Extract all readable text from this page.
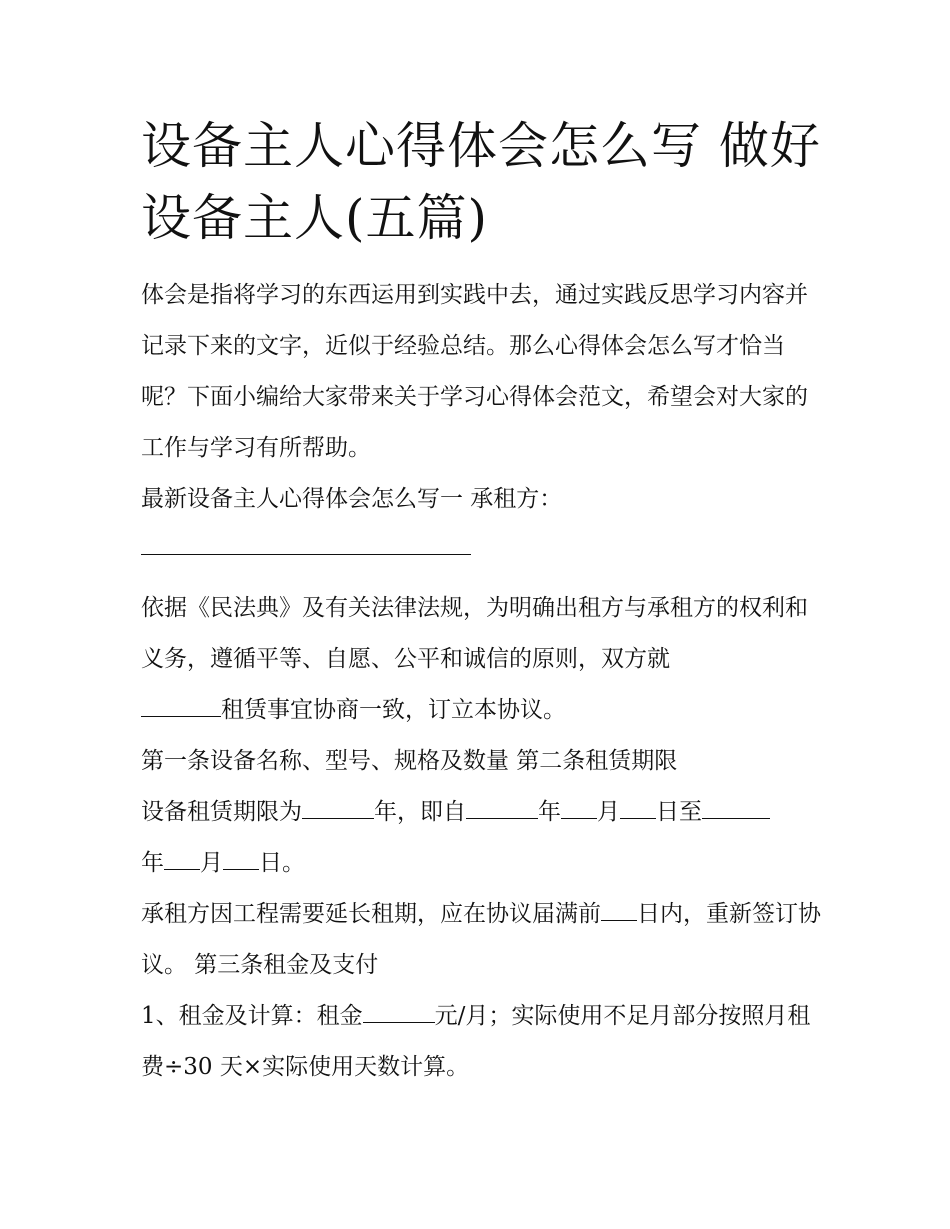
设备主人心得体会怎么写 做好
设备主人(五篇)

体会是指将学习的东西运用到实践中去，通过实践反思学习内容并记录下来的文字，近似于经验总结。那么心得体会怎么写才恰当呢？下面小编给大家带来关于学习心得体会范文，希望会对大家的工作与学习有所帮助。

最新设备主人心得体会怎么写一 承租方：

依据《民法典》及有关法律法规，为明确出租方与承租方的权利和义务，遵循平等、自愿、公平和诚信的原则，双方就
租赁事宜协商一致，订立本协议。

第一条设备名称、型号、规格及数量 第二条租赁期限

设备租赁期限为	年，即自	年 月 日至
年 月 日。

承租方因工程需要延长租期，应在协议届满前 日内，重新签订协议。 第三条租金及支付

1、租金及计算：租金	元/月；实际使用不足月部分按照月租费÷30 天×实际使用天数计算。
